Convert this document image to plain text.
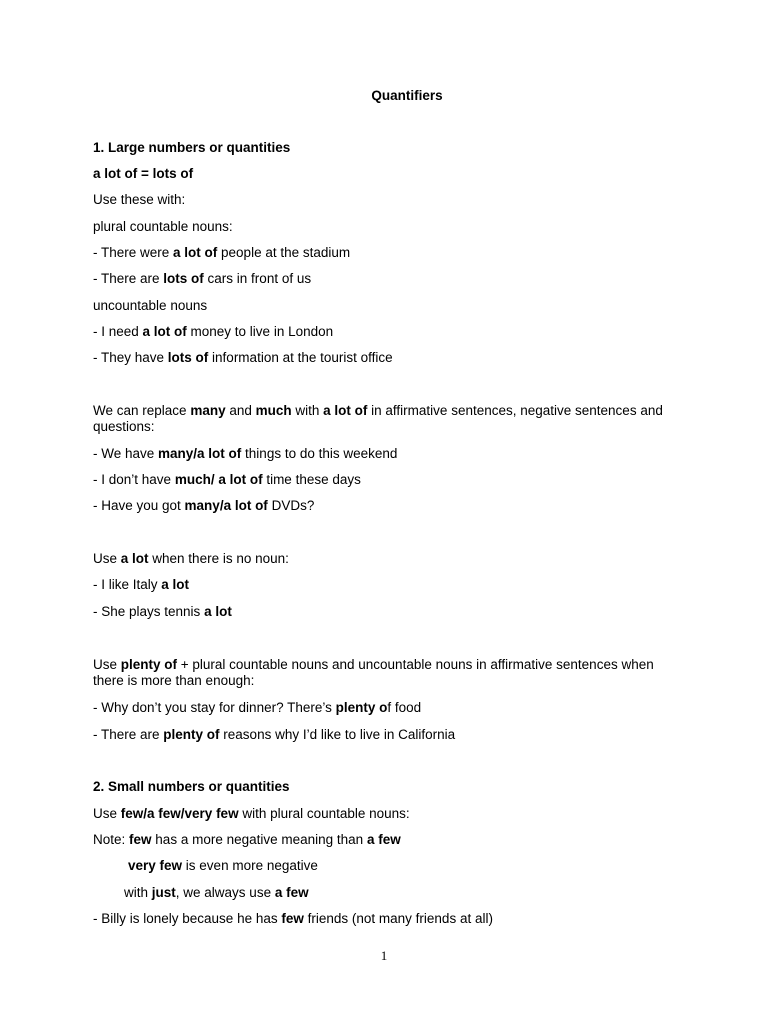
Quantifiers
1. Large numbers or quantities
a lot of = lots of
Use these with:
plural countable nouns:
- There were a lot of people at the stadium
- There are lots of cars in front of us
uncountable nouns
- I need a lot of money to live in London
- They have lots of information at the tourist office
We can replace many and much with a lot of in affirmative sentences, negative sentences and questions:
- We have many/a lot of things to do this weekend
- I don’t have much/ a lot of time these days
- Have you got many/a lot of DVDs?
Use a lot when there is no noun:
- I like Italy a lot
- She plays tennis a lot
Use plenty of + plural countable nouns and uncountable nouns in affirmative sentences when there is more than enough:
- Why don’t you stay for dinner? There’s plenty of food
- There are plenty of reasons why I’d like to live in California
2. Small numbers or quantities
Use few/a few/very few with plural countable nouns:
Note: few has a more negative meaning than a few
very few is even more negative
with just, we always use a few
- Billy is lonely because he has few friends (not many friends at all)
1
